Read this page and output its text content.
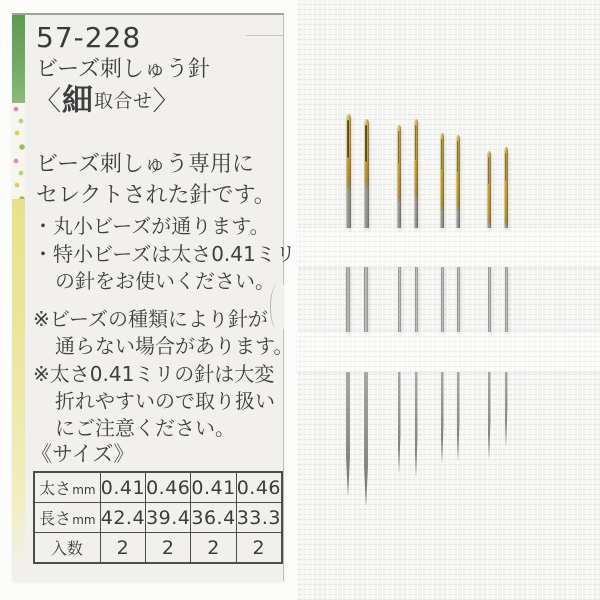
57-228
ビーズ刺しゅう針
〈 細 取合せ 〉
ビーズ刺しゅう専用に
セレクトされた針です。
・丸小ビーズが通ります。
・特小ビーズは太さ0.41ミリ
の針をお使いください。
※ビーズの種類により針が
通らない場合があります。
※太さ0.41ミリの針は大変
折れやすいので取り扱い
にご注意ください。
《サイズ》
太さmm	0.41	0.46	0.41	0.46
長さmm	42.4	39.4	36.4	33.3
入数	2	2	2	2
